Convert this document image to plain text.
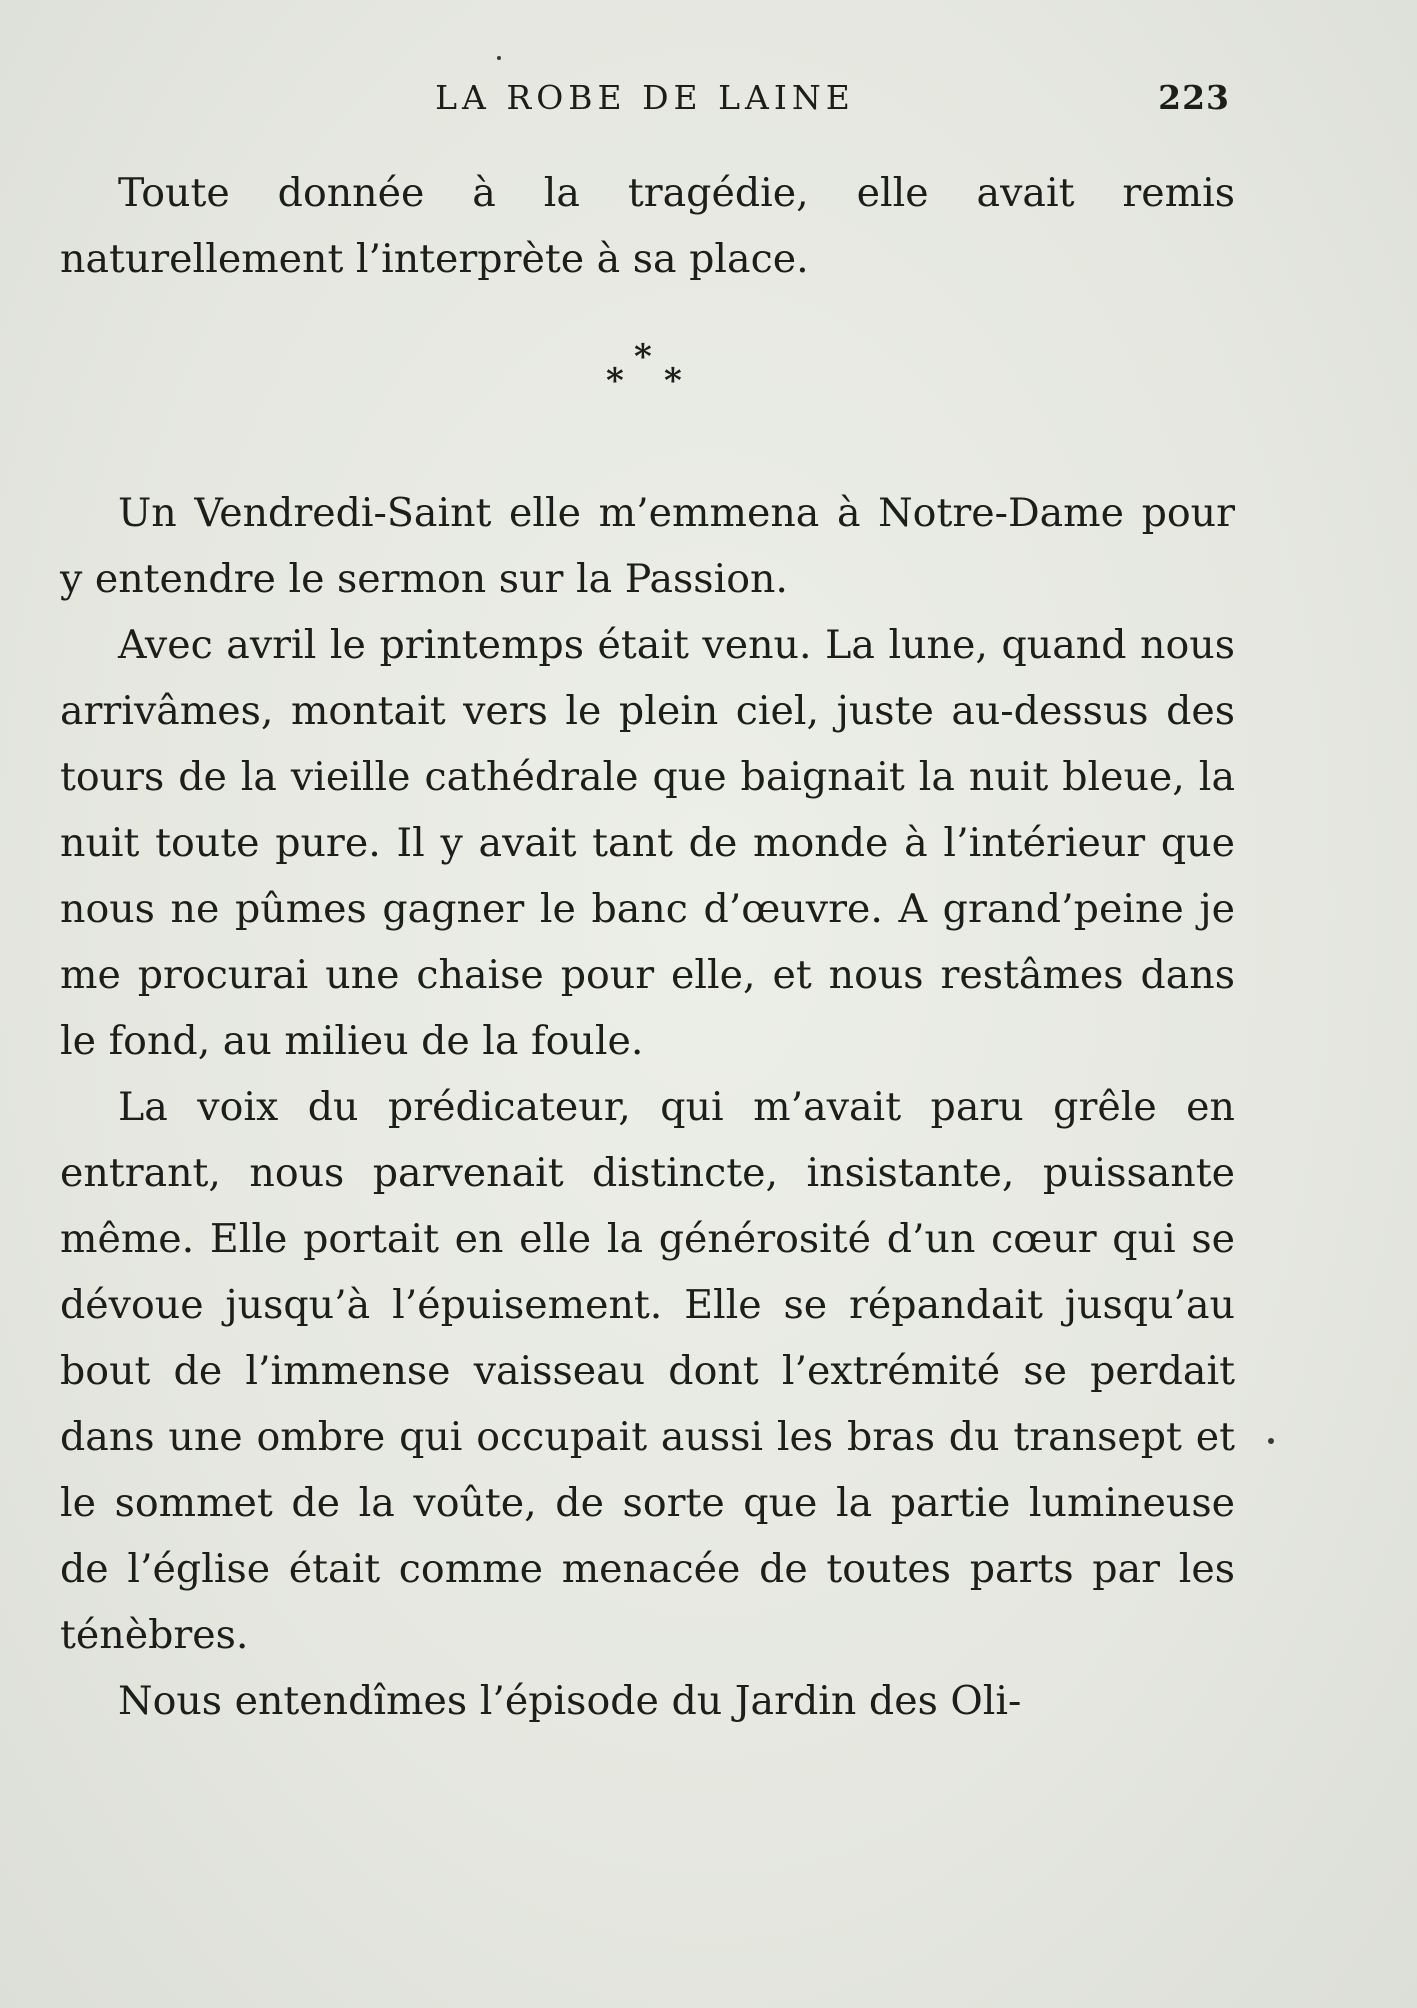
LA ROBE DE LAINE	223

Toute donnée à la tragédie, elle avait remis naturellement l’interprète à sa place.

*
* *

Un Vendredi-Saint elle m’emmena à Notre-Dame pour y entendre le sermon sur la Passion.

Avec avril le printemps était venu. La lune, quand nous arrivâmes, montait vers le plein ciel, juste au-dessus des tours de la vieille cathédrale que baignait la nuit bleue, la nuit toute pure. Il y avait tant de monde à l’intérieur que nous ne pûmes gagner le banc d’œuvre. A grand’peine je me procurai une chaise pour elle, et nous restâmes dans le fond, au milieu de la foule.

La voix du prédicateur, qui m’avait paru grêle en entrant, nous parvenait distincte, insistante, puissante même. Elle portait en elle la générosité d’un cœur qui se dévoue jusqu’à l’épuisement. Elle se répandait jusqu’au bout de l’immense vaisseau dont l’extrémité se perdait dans une ombre qui occupait aussi les bras du transept et le sommet de la voûte, de sorte que la partie lumineuse de l’église était comme menacée de toutes parts par les ténèbres.

Nous entendîmes l’épisode du Jardin des Oli-
